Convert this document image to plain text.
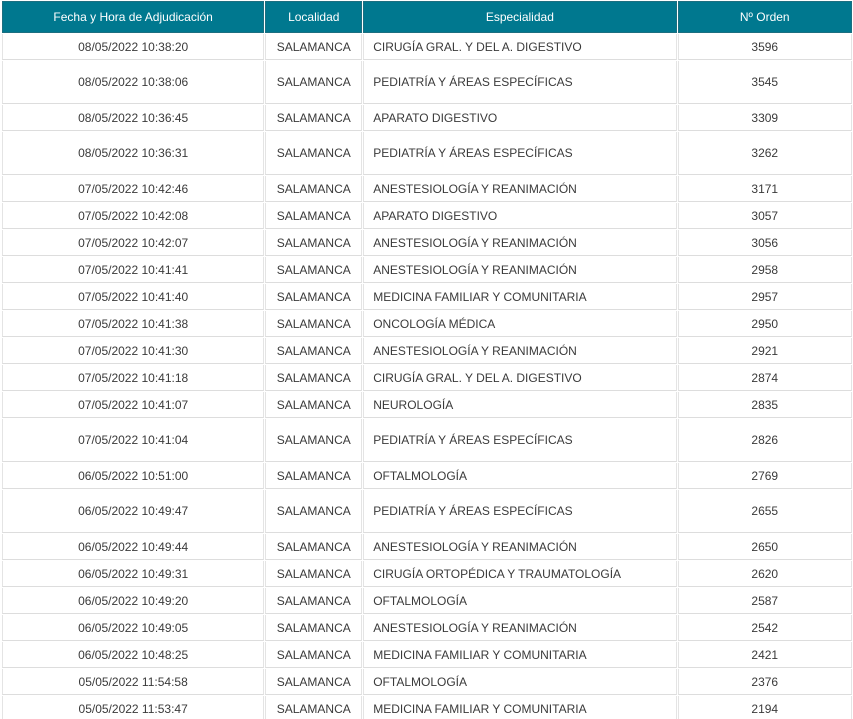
Fecha y Hora de Adjudicación	Localidad	Especialidad	Nº Orden
08/05/2022 10:38:20	SALAMANCA	CIRUGÍA GRAL. Y DEL A. DIGESTIVO	3596
08/05/2022 10:38:06	SALAMANCA	PEDIATRÍA Y ÁREAS ESPECÍFICAS	3545
08/05/2022 10:36:45	SALAMANCA	APARATO DIGESTIVO	3309
08/05/2022 10:36:31	SALAMANCA	PEDIATRÍA Y ÁREAS ESPECÍFICAS	3262
07/05/2022 10:42:46	SALAMANCA	ANESTESIOLOGÍA Y REANIMACIÓN	3171
07/05/2022 10:42:08	SALAMANCA	APARATO DIGESTIVO	3057
07/05/2022 10:42:07	SALAMANCA	ANESTESIOLOGÍA Y REANIMACIÓN	3056
07/05/2022 10:41:41	SALAMANCA	ANESTESIOLOGÍA Y REANIMACIÓN	2958
07/05/2022 10:41:40	SALAMANCA	MEDICINA FAMILIAR Y COMUNITARIA	2957
07/05/2022 10:41:38	SALAMANCA	ONCOLOGÍA MÉDICA	2950
07/05/2022 10:41:30	SALAMANCA	ANESTESIOLOGÍA Y REANIMACIÓN	2921
07/05/2022 10:41:18	SALAMANCA	CIRUGÍA GRAL. Y DEL A. DIGESTIVO	2874
07/05/2022 10:41:07	SALAMANCA	NEUROLOGÍA	2835
07/05/2022 10:41:04	SALAMANCA	PEDIATRÍA Y ÁREAS ESPECÍFICAS	2826
06/05/2022 10:51:00	SALAMANCA	OFTALMOLOGÍA	2769
06/05/2022 10:49:47	SALAMANCA	PEDIATRÍA Y ÁREAS ESPECÍFICAS	2655
06/05/2022 10:49:44	SALAMANCA	ANESTESIOLOGÍA Y REANIMACIÓN	2650
06/05/2022 10:49:31	SALAMANCA	CIRUGÍA ORTOPÉDICA Y TRAUMATOLOGÍA	2620
06/05/2022 10:49:20	SALAMANCA	OFTALMOLOGÍA	2587
06/05/2022 10:49:05	SALAMANCA	ANESTESIOLOGÍA Y REANIMACIÓN	2542
06/05/2022 10:48:25	SALAMANCA	MEDICINA FAMILIAR Y COMUNITARIA	2421
05/05/2022 11:54:58	SALAMANCA	OFTALMOLOGÍA	2376
05/05/2022 11:53:47	SALAMANCA	MEDICINA FAMILIAR Y COMUNITARIA	2194
